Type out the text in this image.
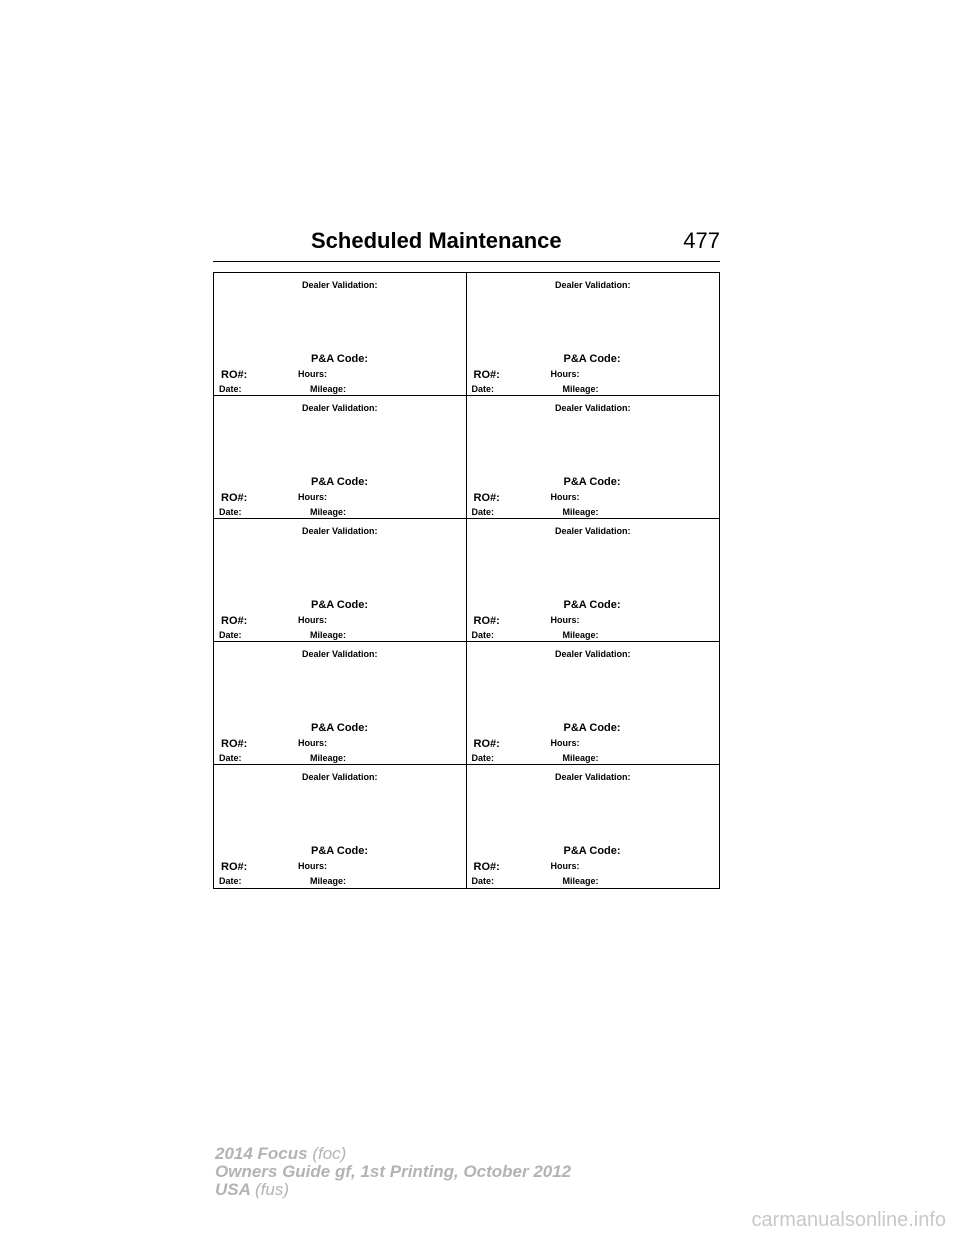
Scheduled Maintenance	477
Dealer Validation:
P&A Code:
RO#:	Hours:
Date:	Mileage:
Dealer Validation:
P&A Code:
RO#:	Hours:
Date:	Mileage:
Dealer Validation:
P&A Code:
RO#:	Hours:
Date:	Mileage:
Dealer Validation:
P&A Code:
RO#:	Hours:
Date:	Mileage:
Dealer Validation:
P&A Code:
RO#:	Hours:
Date:	Mileage:
Dealer Validation:
P&A Code:
RO#:	Hours:
Date:	Mileage:
Dealer Validation:
P&A Code:
RO#:	Hours:
Date:	Mileage:
Dealer Validation:
P&A Code:
RO#:	Hours:
Date:	Mileage:
Dealer Validation:
P&A Code:
RO#:	Hours:
Date:	Mileage:
Dealer Validation:
P&A Code:
RO#:	Hours:
Date:	Mileage:
2014 Focus (foc)
Owners Guide gf, 1st Printing, October 2012
USA (fus)
carmanualsonline.info
